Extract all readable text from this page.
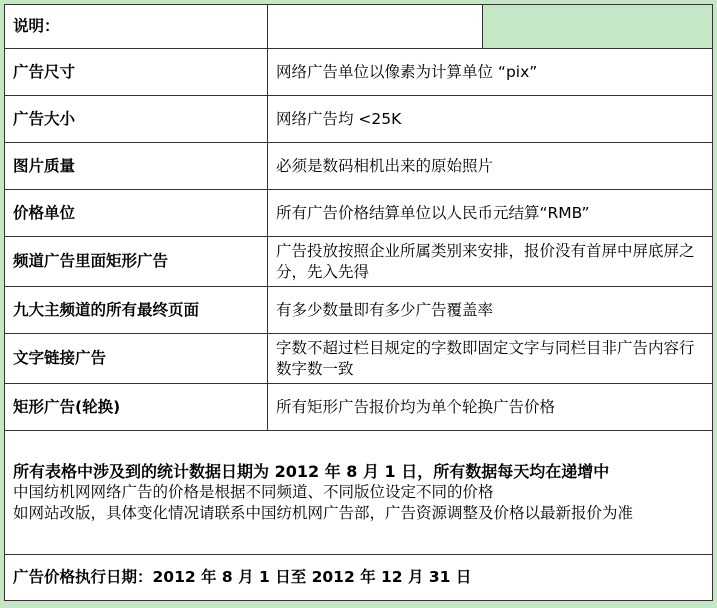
说明：		
广告尺寸	网络广告单位以像素为计算单位 “pix”	
广告大小	网络广告均 <25K	
图片质量	必须是数码相机出来的原始照片	
价格单位	所有广告价格结算单位以人民币元结算“RMB”	
频道广告里面矩形广告	广告投放按照企业所属类别来安排，报价没有首屏中屏底屏之分，先入先得	
九大主频道的所有最终页面	有多少数量即有多少广告覆盖率	
文字链接广告	字数不超过栏目规定的字数即固定文字与同栏目非广告内容行数字数一致	
矩形广告(轮换)	所有矩形广告报价均为单个轮换广告价格	

所有表格中涉及到的统计数据日期为 2012 年 8 月 1 日，所有数据每天均在递增中
中国纺机网网络广告的价格是根据不同频道、不同版位设定不同的价格
如网站改版，具体变化情况请联系中国纺机网广告部，广告资源调整及价格以最新报价为准		

广告价格执行日期：2012 年 8 月 1 日至 2012 年 12 月 31 日		
